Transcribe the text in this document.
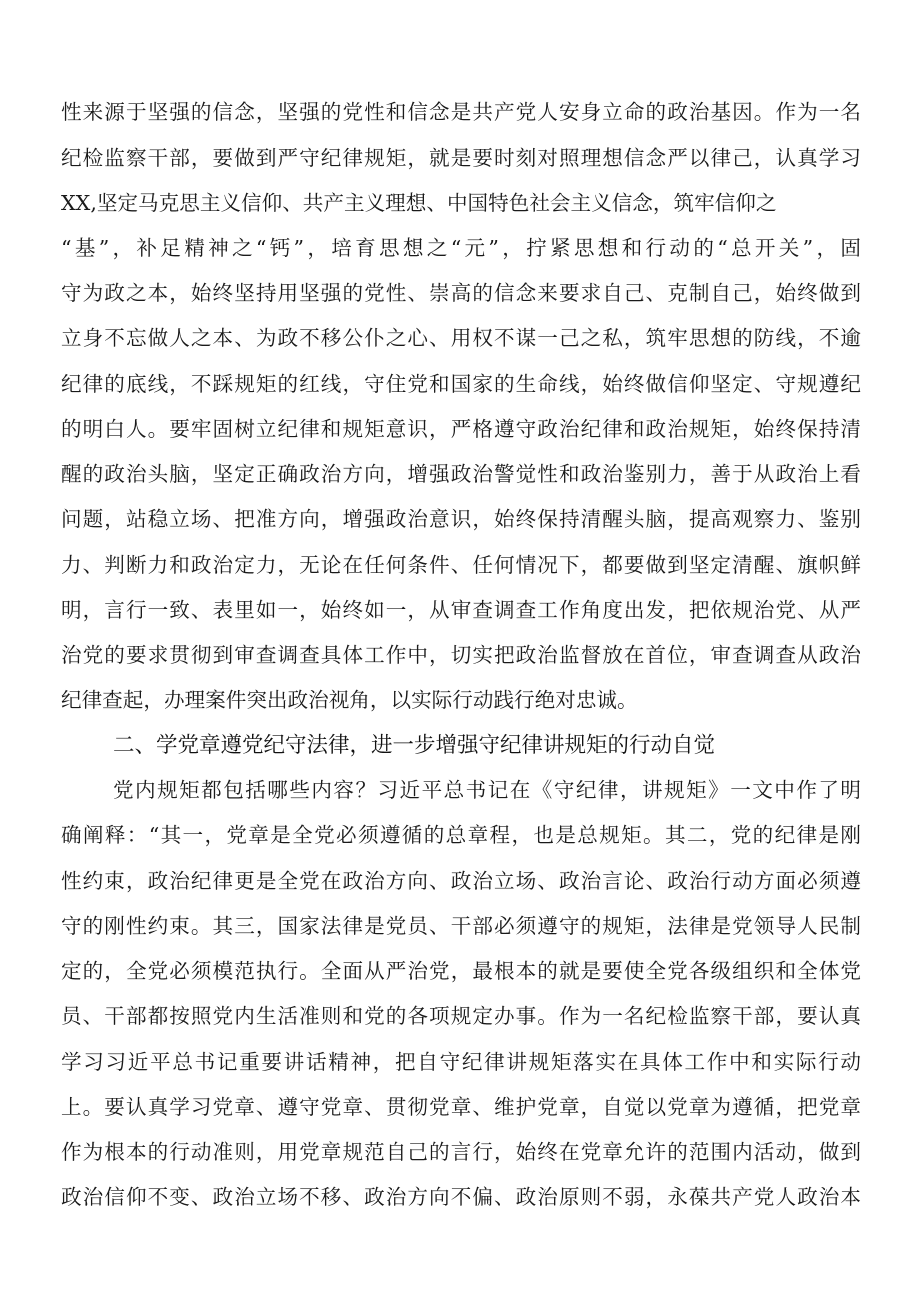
性来源于坚强的信念，坚强的党性和信念是共产党人安身立命的政治基因。作为一名
纪检监察干部，要做到严守纪律规矩，就是要时刻对照理想信念严以律己，认真学习
XX,坚定马克思主义信仰、共产主义理想、中国特色社会主义信念，筑牢信仰之
“基”，补足精神之“钙”，培育思想之“元”，拧紧思想和行动的“总开关”，固
守为政之本，始终坚持用坚强的党性、崇高的信念来要求自己、克制自己，始终做到
立身不忘做人之本、为政不移公仆之心、用权不谋一己之私，筑牢思想的防线，不逾
纪律的底线，不踩规矩的红线，守住党和国家的生命线，始终做信仰坚定、守规遵纪
的明白人。要牢固树立纪律和规矩意识，严格遵守政治纪律和政治规矩，始终保持清
醒的政治头脑，坚定正确政治方向，增强政治警觉性和政治鉴别力，善于从政治上看
问题，站稳立场、把准方向，增强政治意识，始终保持清醒头脑，提高观察力、鉴别
力、判断力和政治定力，无论在任何条件、任何情况下，都要做到坚定清醒、旗帜鲜
明，言行一致、表里如一，始终如一，从审查调查工作角度出发，把依规治党、从严
治党的要求贯彻到审查调查具体工作中，切实把政治监督放在首位，审查调查从政治
纪律查起，办理案件突出政治视角，以实际行动践行绝对忠诚。
二、学党章遵党纪守法律，进一步增强守纪律讲规矩的行动自觉
党内规矩都包括哪些内容？习近平总书记在《守纪律，讲规矩》一文中作了明
确阐释：“其一，党章是全党必须遵循的总章程，也是总规矩。其二，党的纪律是刚
性约束，政治纪律更是全党在政治方向、政治立场、政治言论、政治行动方面必须遵
守的刚性约束。其三，国家法律是党员、干部必须遵守的规矩，法律是党领导人民制
定的，全党必须模范执行。全面从严治党，最根本的就是要使全党各级组织和全体党
员、干部都按照党内生活准则和党的各项规定办事。作为一名纪检监察干部，要认真
学习习近平总书记重要讲话精神，把自守纪律讲规矩落实在具体工作中和实际行动
上。要认真学习党章、遵守党章、贯彻党章、维护党章，自觉以党章为遵循，把党章
作为根本的行动准则，用党章规范自己的言行，始终在党章允许的范围内活动，做到
政治信仰不变、政治立场不移、政治方向不偏、政治原则不弱，永葆共产党人政治本
